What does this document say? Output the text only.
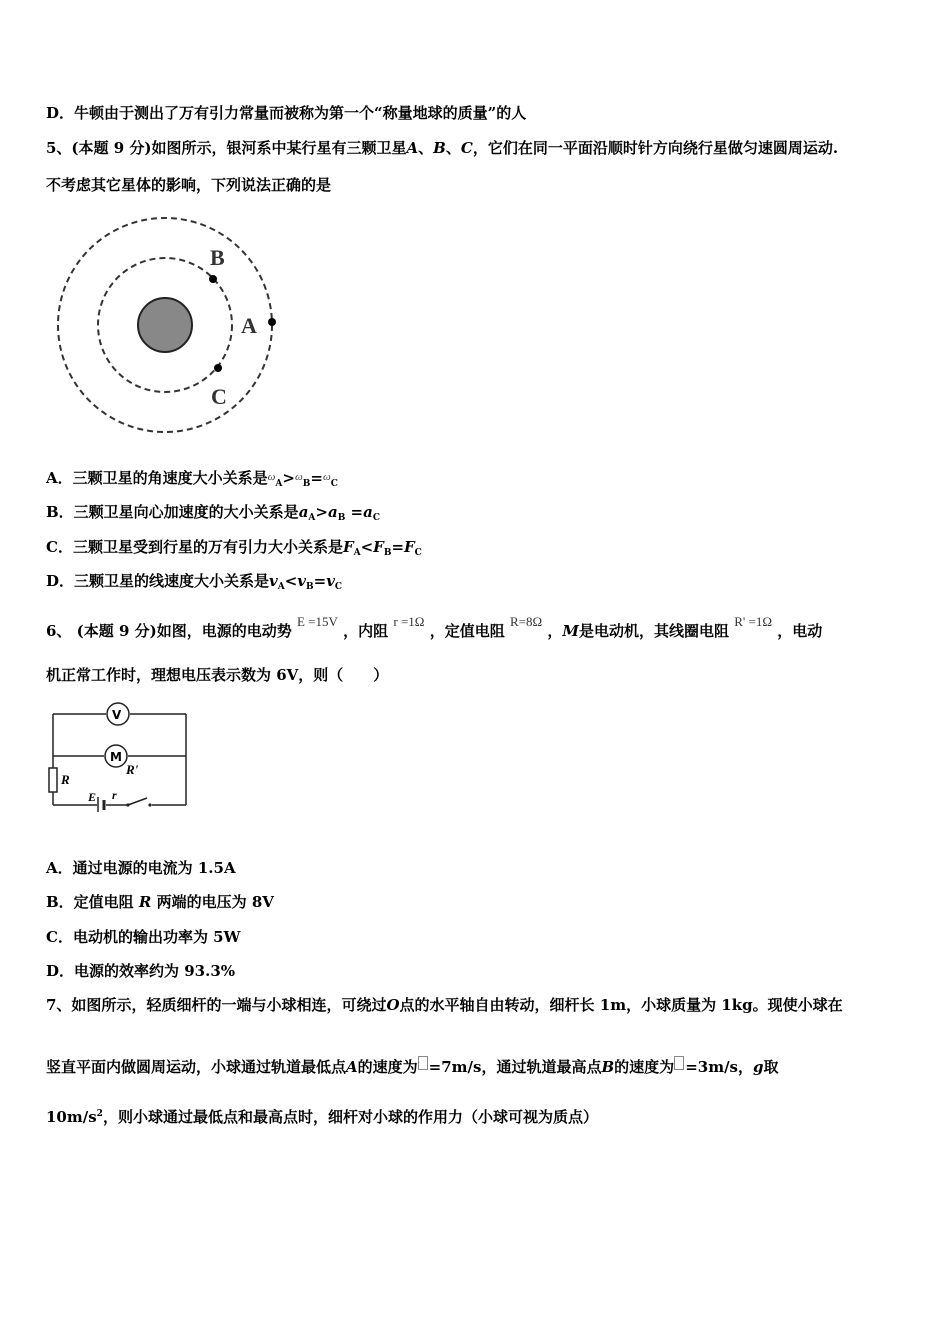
D．牛顿由于测出了万有引力常量而被称为第一个“称量地球的质量”的人
5、(本题 9 分)如图所示，银河系中某行星有三颗卫星A、B、C，它们在同一平面沿顺时针方向绕行星做匀速圆周运动.
不考虑其它星体的影响，下列说法正确的是
A
B
C
A．三颗卫星的角速度大小关系是$^\omega_A$>$^\omega_B$=$^\omega_C$
B．三颗卫星向心加速度的大小关系是$a_A>a_B =a_C$
C．三颗卫星受到行星的万有引力大小关系是$F_A<F_B=F_C$
D．三颗卫星的线速度大小关系是$v_A<v_B=v_C$
6、 (本题 9 分)如图，电源的电动势 E =15V ，内阻 r =1Ω ，定值电阻 R=8Ω ，M是电动机，其线圈电阻 R' =1Ω ，电动
机正常工作时，理想电压表示数为 6V，则（　　）
V
M
R'
R
E r
A．通过电源的电流为 1.5A
B．定值电阻 R 两端的电压为 8V
C．电动机的输出功率为 5W
D．电源的效率约为 93.3%
7、如图所示，轻质细杆的一端与小球相连，可绕过O点的水平轴自由转动，细杆长 1m，小球质量为 1kg。现使小球在
竖直平面内做圆周运动，小球通过轨道最低点A的速度为 =7m/s，通过轨道最高点B的速度为 =3m/s，g取
$10m/s^2$，则小球通过最低点和最高点时，细杆对小球的作用力（小球可视为质点）
